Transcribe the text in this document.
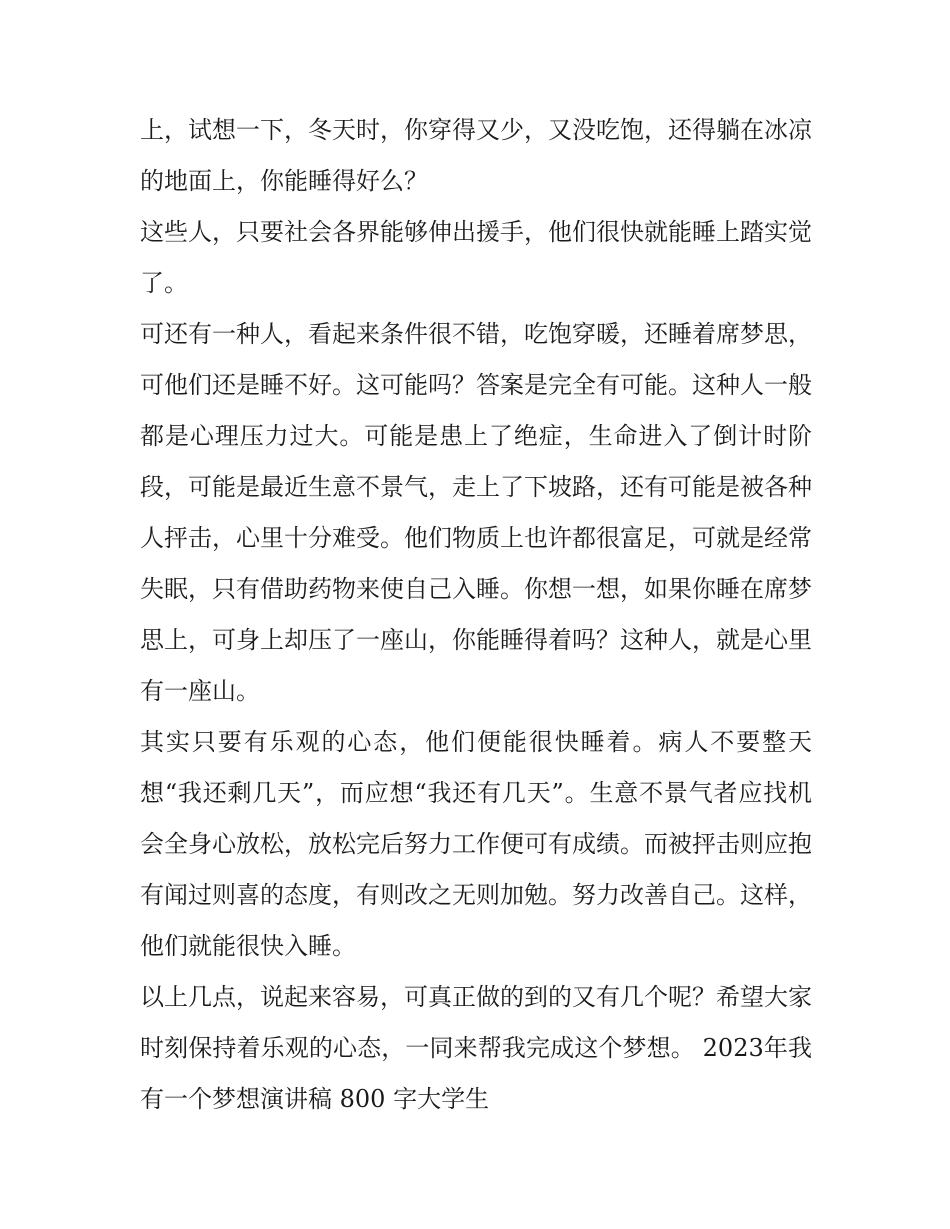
上，试想一下，冬天时，你穿得又少，又没吃饱，还得躺在冰凉的地面上，你能睡得好么？

这些人，只要社会各界能够伸出援手，他们很快就能睡上踏实觉了。

可还有一种人，看起来条件很不错，吃饱穿暖，还睡着席梦思，可他们还是睡不好。这可能吗？答案是完全有可能。这种人一般都是心理压力过大。可能是患上了绝症，生命进入了倒计时阶段，可能是最近生意不景气，走上了下坡路，还有可能是被各种人抨击，心里十分难受。他们物质上也许都很富足，可就是经常失眠，只有借助药物来使自己入睡。你想一想，如果你睡在席梦思上，可身上却压了一座山，你能睡得着吗？这种人，就是心里有一座山。

其实只要有乐观的心态，他们便能很快睡着。病人不要整天想“我还剩几天”，而应想“我还有几天”。生意不景气者应找机会全身心放松，放松完后努力工作便可有成绩。而被抨击则应抱有闻过则喜的态度，有则改之无则加勉。努力改善自己。这样，他们就能很快入睡。

以上几点，说起来容易，可真正做的到的又有几个呢？希望大家时刻保持着乐观的心态，一同来帮我完成这个梦想。 2023年我有一个梦想演讲稿 800 字大学生
